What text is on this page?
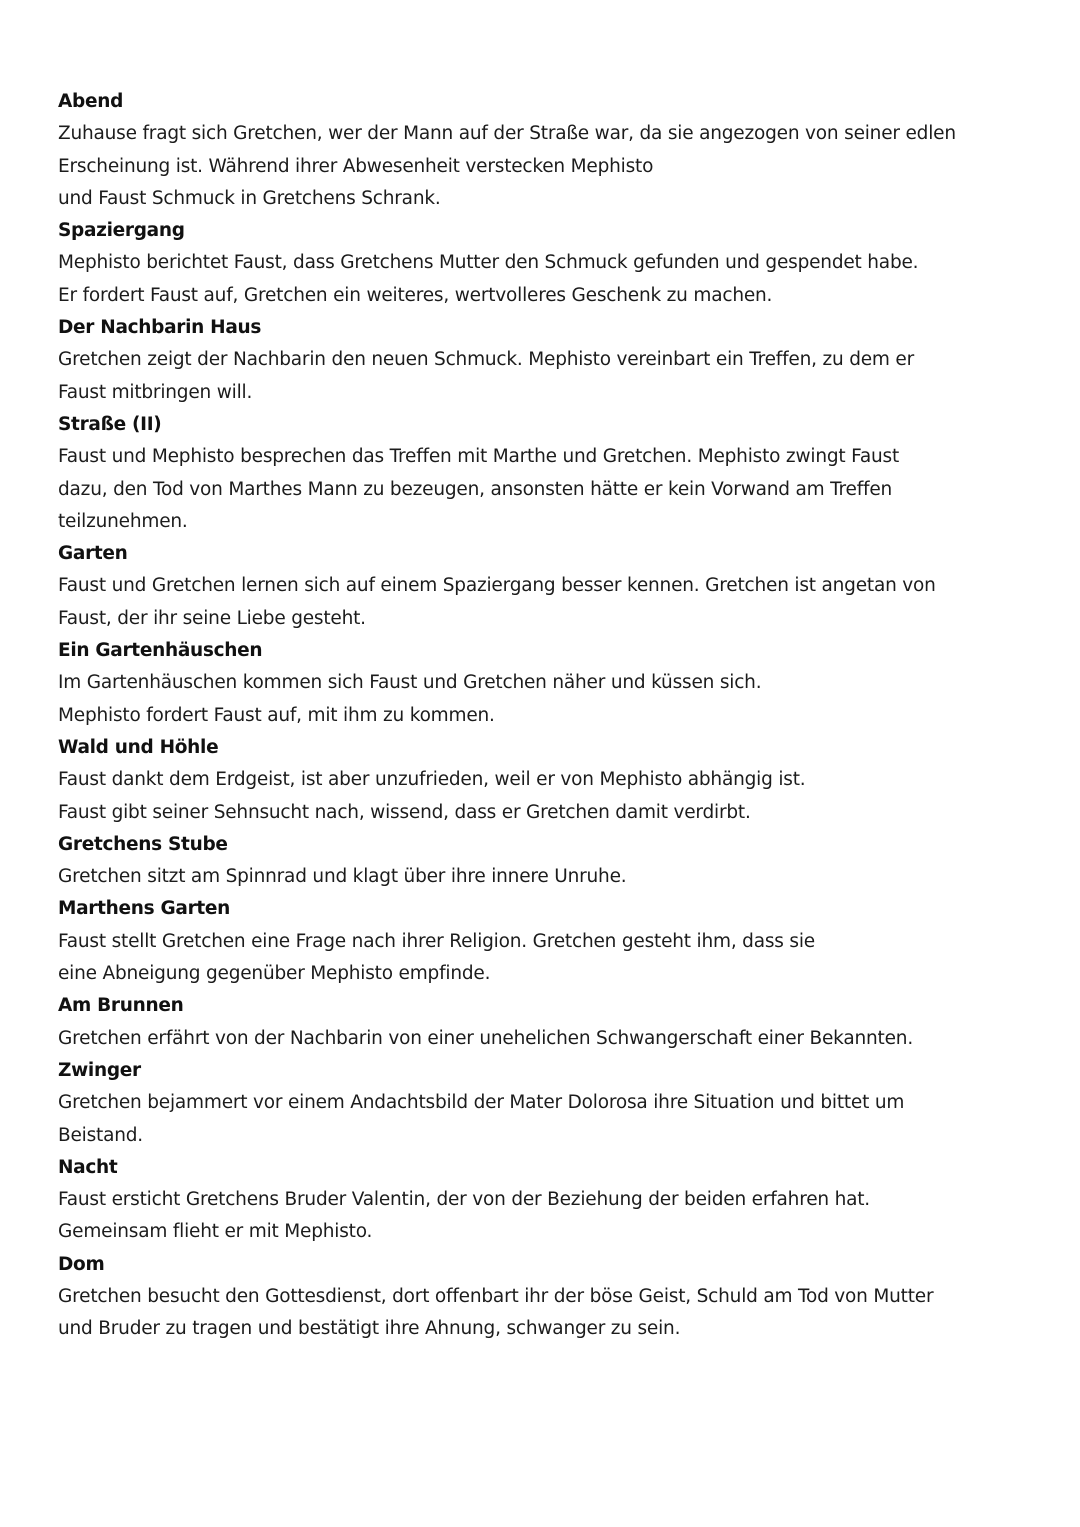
Abend
Zuhause fragt sich Gretchen, wer der Mann auf der Straße war, da sie angezogen von seiner edlen
Erscheinung ist. Während ihrer Abwesenheit verstecken Mephisto
und Faust Schmuck in Gretchens Schrank.
Spaziergang
Mephisto berichtet Faust, dass Gretchens Mutter den Schmuck gefunden und gespendet habe.
Er fordert Faust auf, Gretchen ein weiteres, wertvolleres Geschenk zu machen.
Der Nachbarin Haus
Gretchen zeigt der Nachbarin den neuen Schmuck. Mephisto vereinbart ein Treffen, zu dem er
Faust mitbringen will.
Straße (II)
Faust und Mephisto besprechen das Treffen mit Marthe und Gretchen. Mephisto zwingt Faust
dazu, den Tod von Marthes Mann zu bezeugen, ansonsten hätte er kein Vorwand am Treffen
teilzunehmen.
Garten
Faust und Gretchen lernen sich auf einem Spaziergang besser kennen. Gretchen ist angetan von
Faust, der ihr seine Liebe gesteht.
Ein Gartenhäuschen
Im Gartenhäuschen kommen sich Faust und Gretchen näher und küssen sich.
Mephisto fordert Faust auf, mit ihm zu kommen.
Wald und Höhle
Faust dankt dem Erdgeist, ist aber unzufrieden, weil er von Mephisto abhängig ist.
Faust gibt seiner Sehnsucht nach, wissend, dass er Gretchen damit verdirbt.
Gretchens Stube
Gretchen sitzt am Spinnrad und klagt über ihre innere Unruhe.
Marthens Garten
Faust stellt Gretchen eine Frage nach ihrer Religion. Gretchen gesteht ihm, dass sie
eine Abneigung gegenüber Mephisto empfinde.
Am Brunnen
Gretchen erfährt von der Nachbarin von einer unehelichen Schwangerschaft einer Bekannten.
Zwinger
Gretchen bejammert vor einem Andachtsbild der Mater Dolorosa ihre Situation und bittet um
Beistand.
Nacht
Faust ersticht Gretchens Bruder Valentin, der von der Beziehung der beiden erfahren hat.
Gemeinsam flieht er mit Mephisto.
Dom
Gretchen besucht den Gottesdienst, dort offenbart ihr der böse Geist, Schuld am Tod von Mutter
und Bruder zu tragen und bestätigt ihre Ahnung, schwanger zu sein.
